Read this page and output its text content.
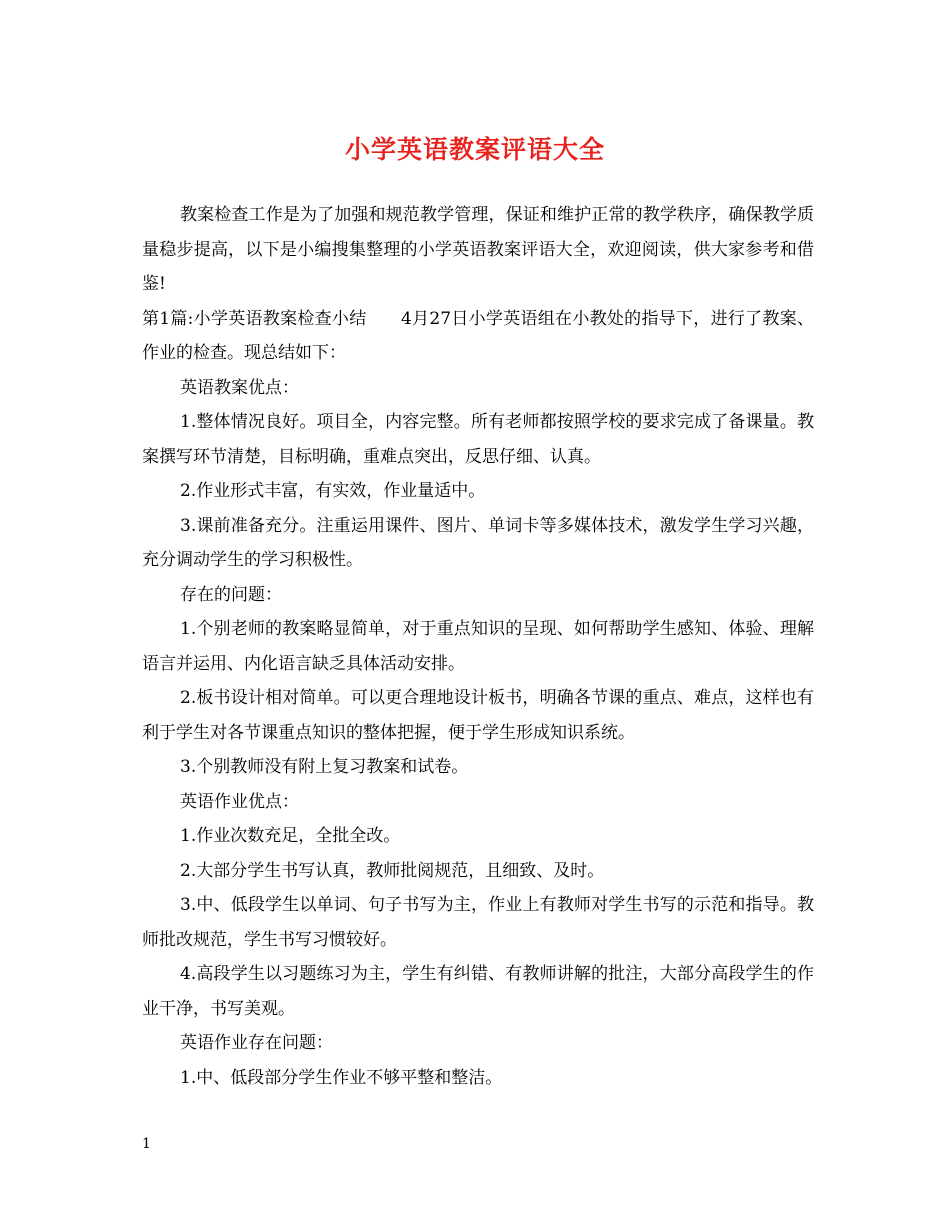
小学英语教案评语大全

教案检查工作是为了加强和规范教学管理，保证和维护正常的教学秩序，确保教学质量稳步提高，以下是小编搜集整理的小学英语教案评语大全，欢迎阅读，供大家参考和借鉴!

第1篇:小学英语教案检查小结　　4月27日小学英语组在小教处的指导下，进行了教案、作业的检查。现总结如下：

英语教案优点：

1.整体情况良好。项目全，内容完整。所有老师都按照学校的要求完成了备课量。教案撰写环节清楚，目标明确，重难点突出，反思仔细、认真。

2.作业形式丰富，有实效，作业量适中。

3.课前准备充分。注重运用课件、图片、单词卡等多媒体技术，激发学生学习兴趣，充分调动学生的学习积极性。

存在的问题：

1.个别老师的教案略显简单，对于重点知识的呈现、如何帮助学生感知、体验、理解语言并运用、内化语言缺乏具体活动安排。

2.板书设计相对简单。可以更合理地设计板书，明确各节课的重点、难点，这样也有利于学生对各节课重点知识的整体把握，便于学生形成知识系统。

3.个别教师没有附上复习教案和试卷。

英语作业优点：

1.作业次数充足，全批全改。

2.大部分学生书写认真，教师批阅规范，且细致、及时。

3.中、低段学生以单词、句子书写为主，作业上有教师对学生书写的示范和指导。教师批改规范，学生书写习惯较好。

4.高段学生以习题练习为主，学生有纠错、有教师讲解的批注，大部分高段学生的作业干净，书写美观。

英语作业存在问题：

1.中、低段部分学生作业不够平整和整洁。

1
